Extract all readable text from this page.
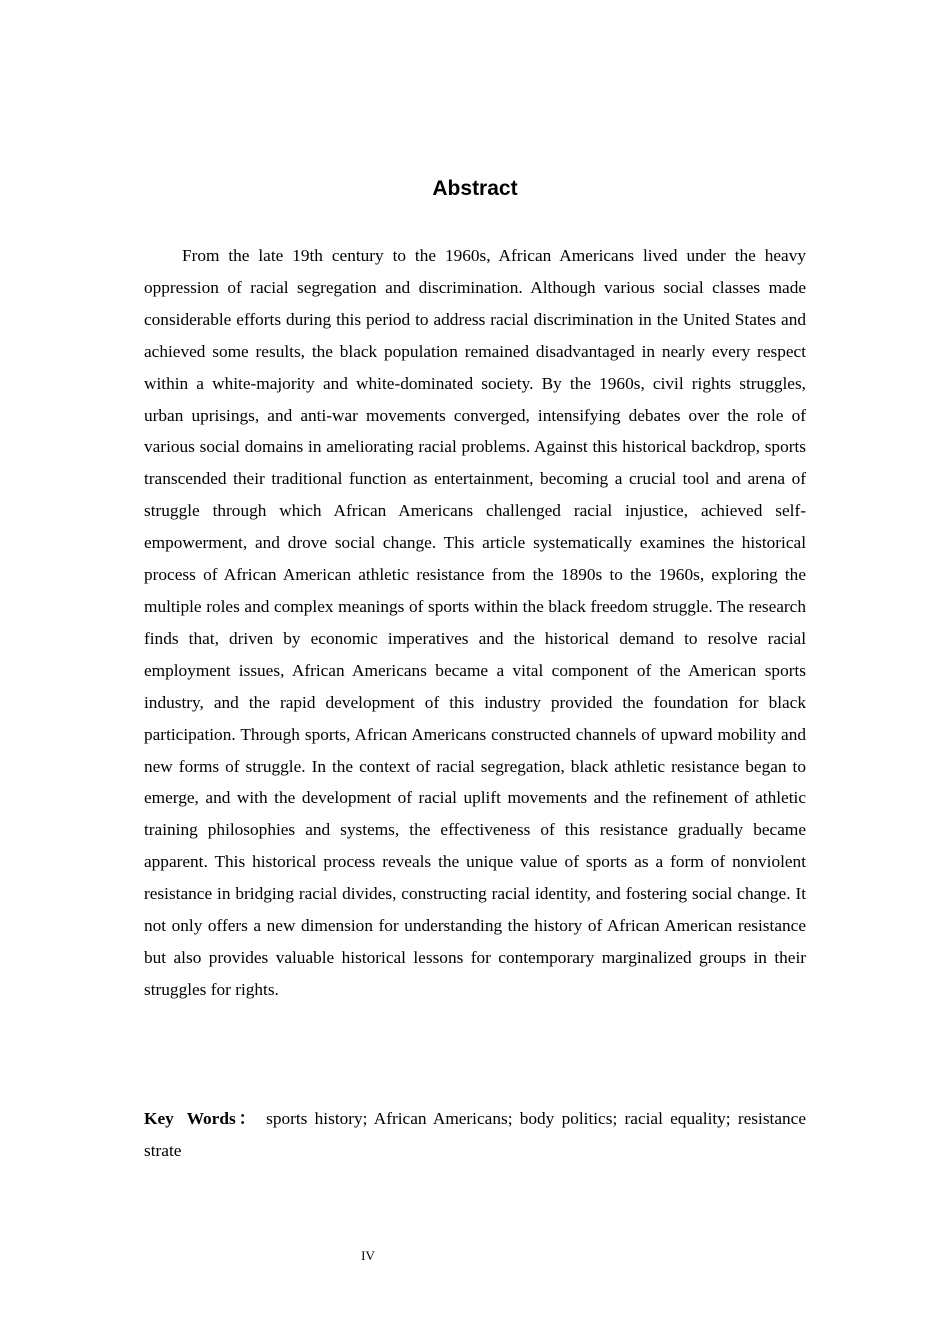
Abstract

From the late 19th century to the 1960s, African Americans lived under the heavy oppression of racial segregation and discrimination. Although various social classes made considerable efforts during this period to address racial discrimination in the United States and achieved some results, the black population remained disadvantaged in nearly every respect within a white-majority and white-dominated society. By the 1960s, civil rights struggles, urban uprisings, and anti-war movements converged, intensifying debates over the role of various social domains in ameliorating racial problems. Against this historical backdrop, sports transcended their traditional function as entertainment, becoming a crucial tool and arena of struggle through which African Americans challenged racial injustice, achieved self-empowerment, and drove social change. This article systematically examines the historical process of African American athletic resistance from the 1890s to the 1960s, exploring the multiple roles and complex meanings of sports within the black freedom struggle. The research finds that, driven by economic imperatives and the historical demand to resolve racial employment issues, African Americans became a vital component of the American sports industry, and the rapid development of this industry provided the foundation for black participation. Through sports, African Americans constructed channels of upward mobility and new forms of struggle. In the context of racial segregation, black athletic resistance began to emerge, and with the development of racial uplift movements and the refinement of athletic training philosophies and systems, the effectiveness of this resistance gradually became apparent. This historical process reveals the unique value of sports as a form of nonviolent resistance in bridging racial divides, constructing racial identity, and fostering social change. It not only offers a new dimension for understanding the history of African American resistance but also provides valuable historical lessons for contemporary marginalized groups in their struggles for rights.

Key Words： sports history; African Americans; body politics; racial equality; resistance strate

IV
